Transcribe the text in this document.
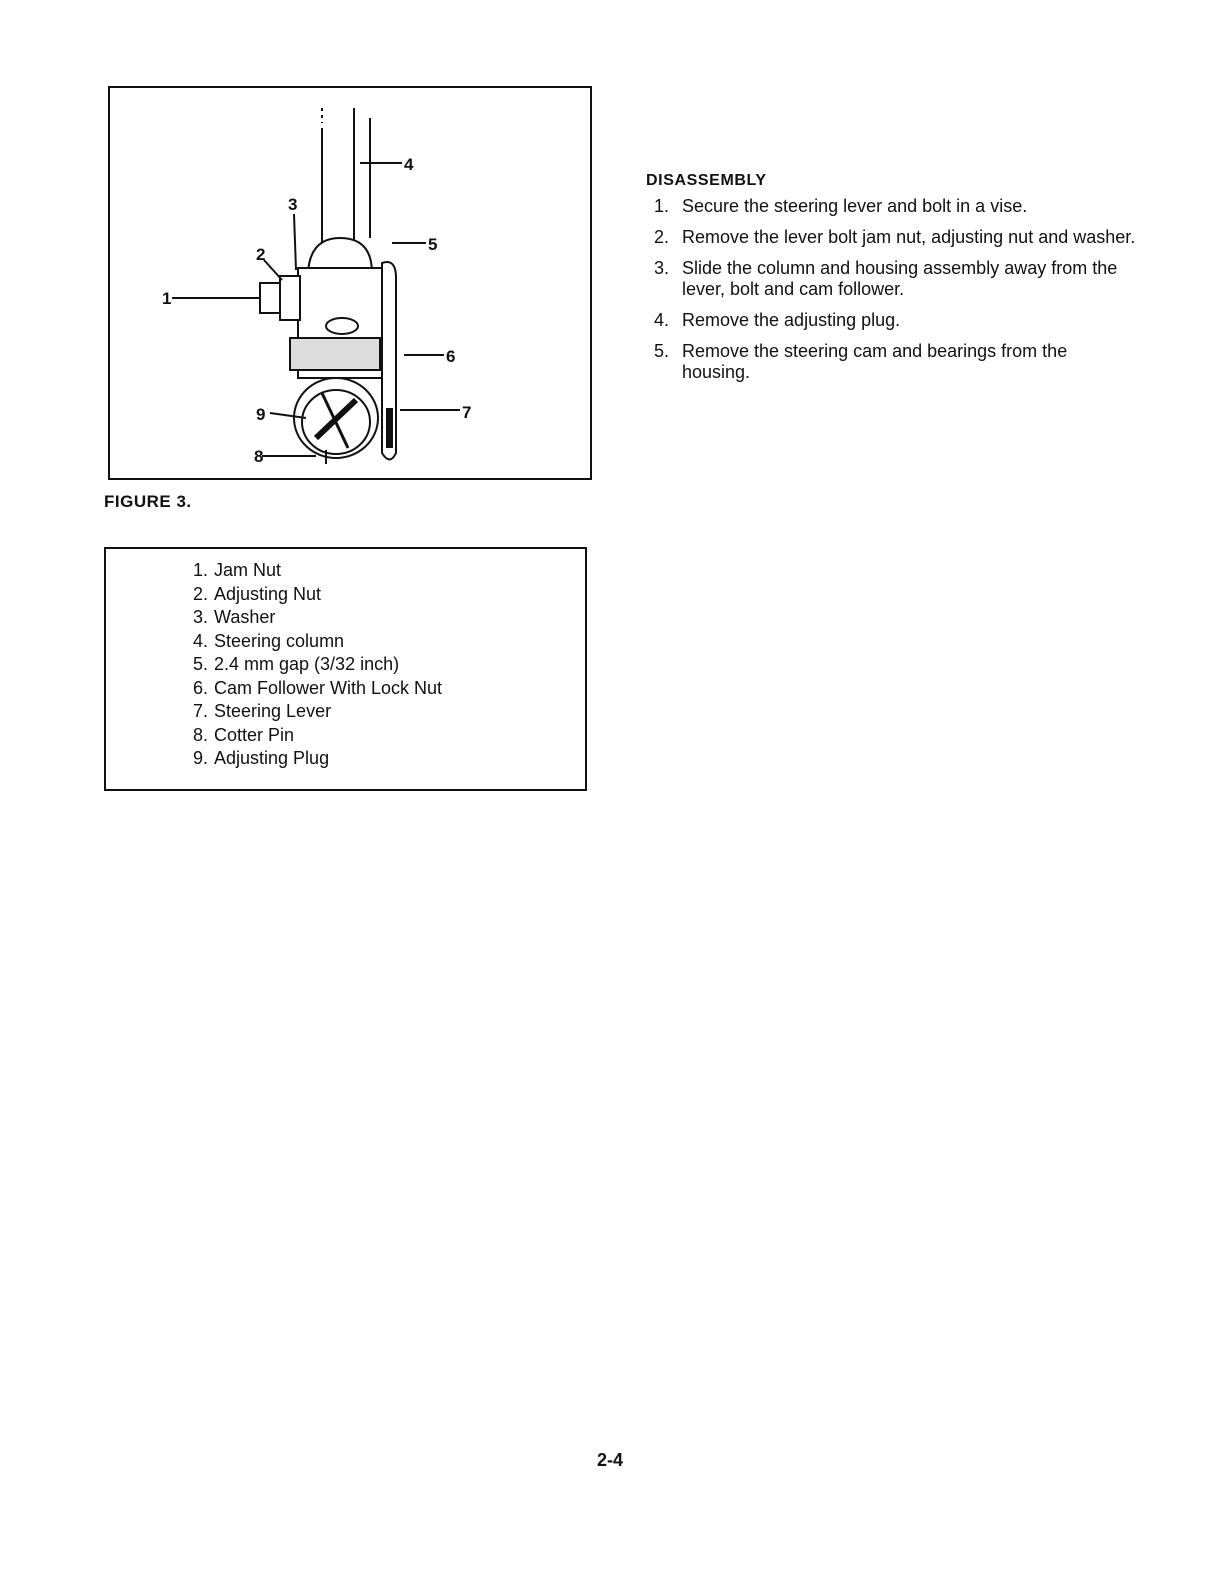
1
2
3
4
5
6
7
8
9
FIGURE 3.
1. Jam Nut
2. Adjusting Nut
3. Washer
4. Steering column
5. 2.4 mm gap (3/32 inch)
6. Cam Follower With Lock Nut
7. Steering Lever
8. Cotter Pin
9. Adjusting Plug
DISASSEMBLY
1. Secure the steering lever and bolt in a vise.
2. Remove the lever bolt jam nut, adjusting nut and washer.
3. Slide the column and housing assembly away from the lever, bolt and cam follower.
4. Remove the adjusting plug.
5. Remove the steering cam and bearings from the housing.
2-4
